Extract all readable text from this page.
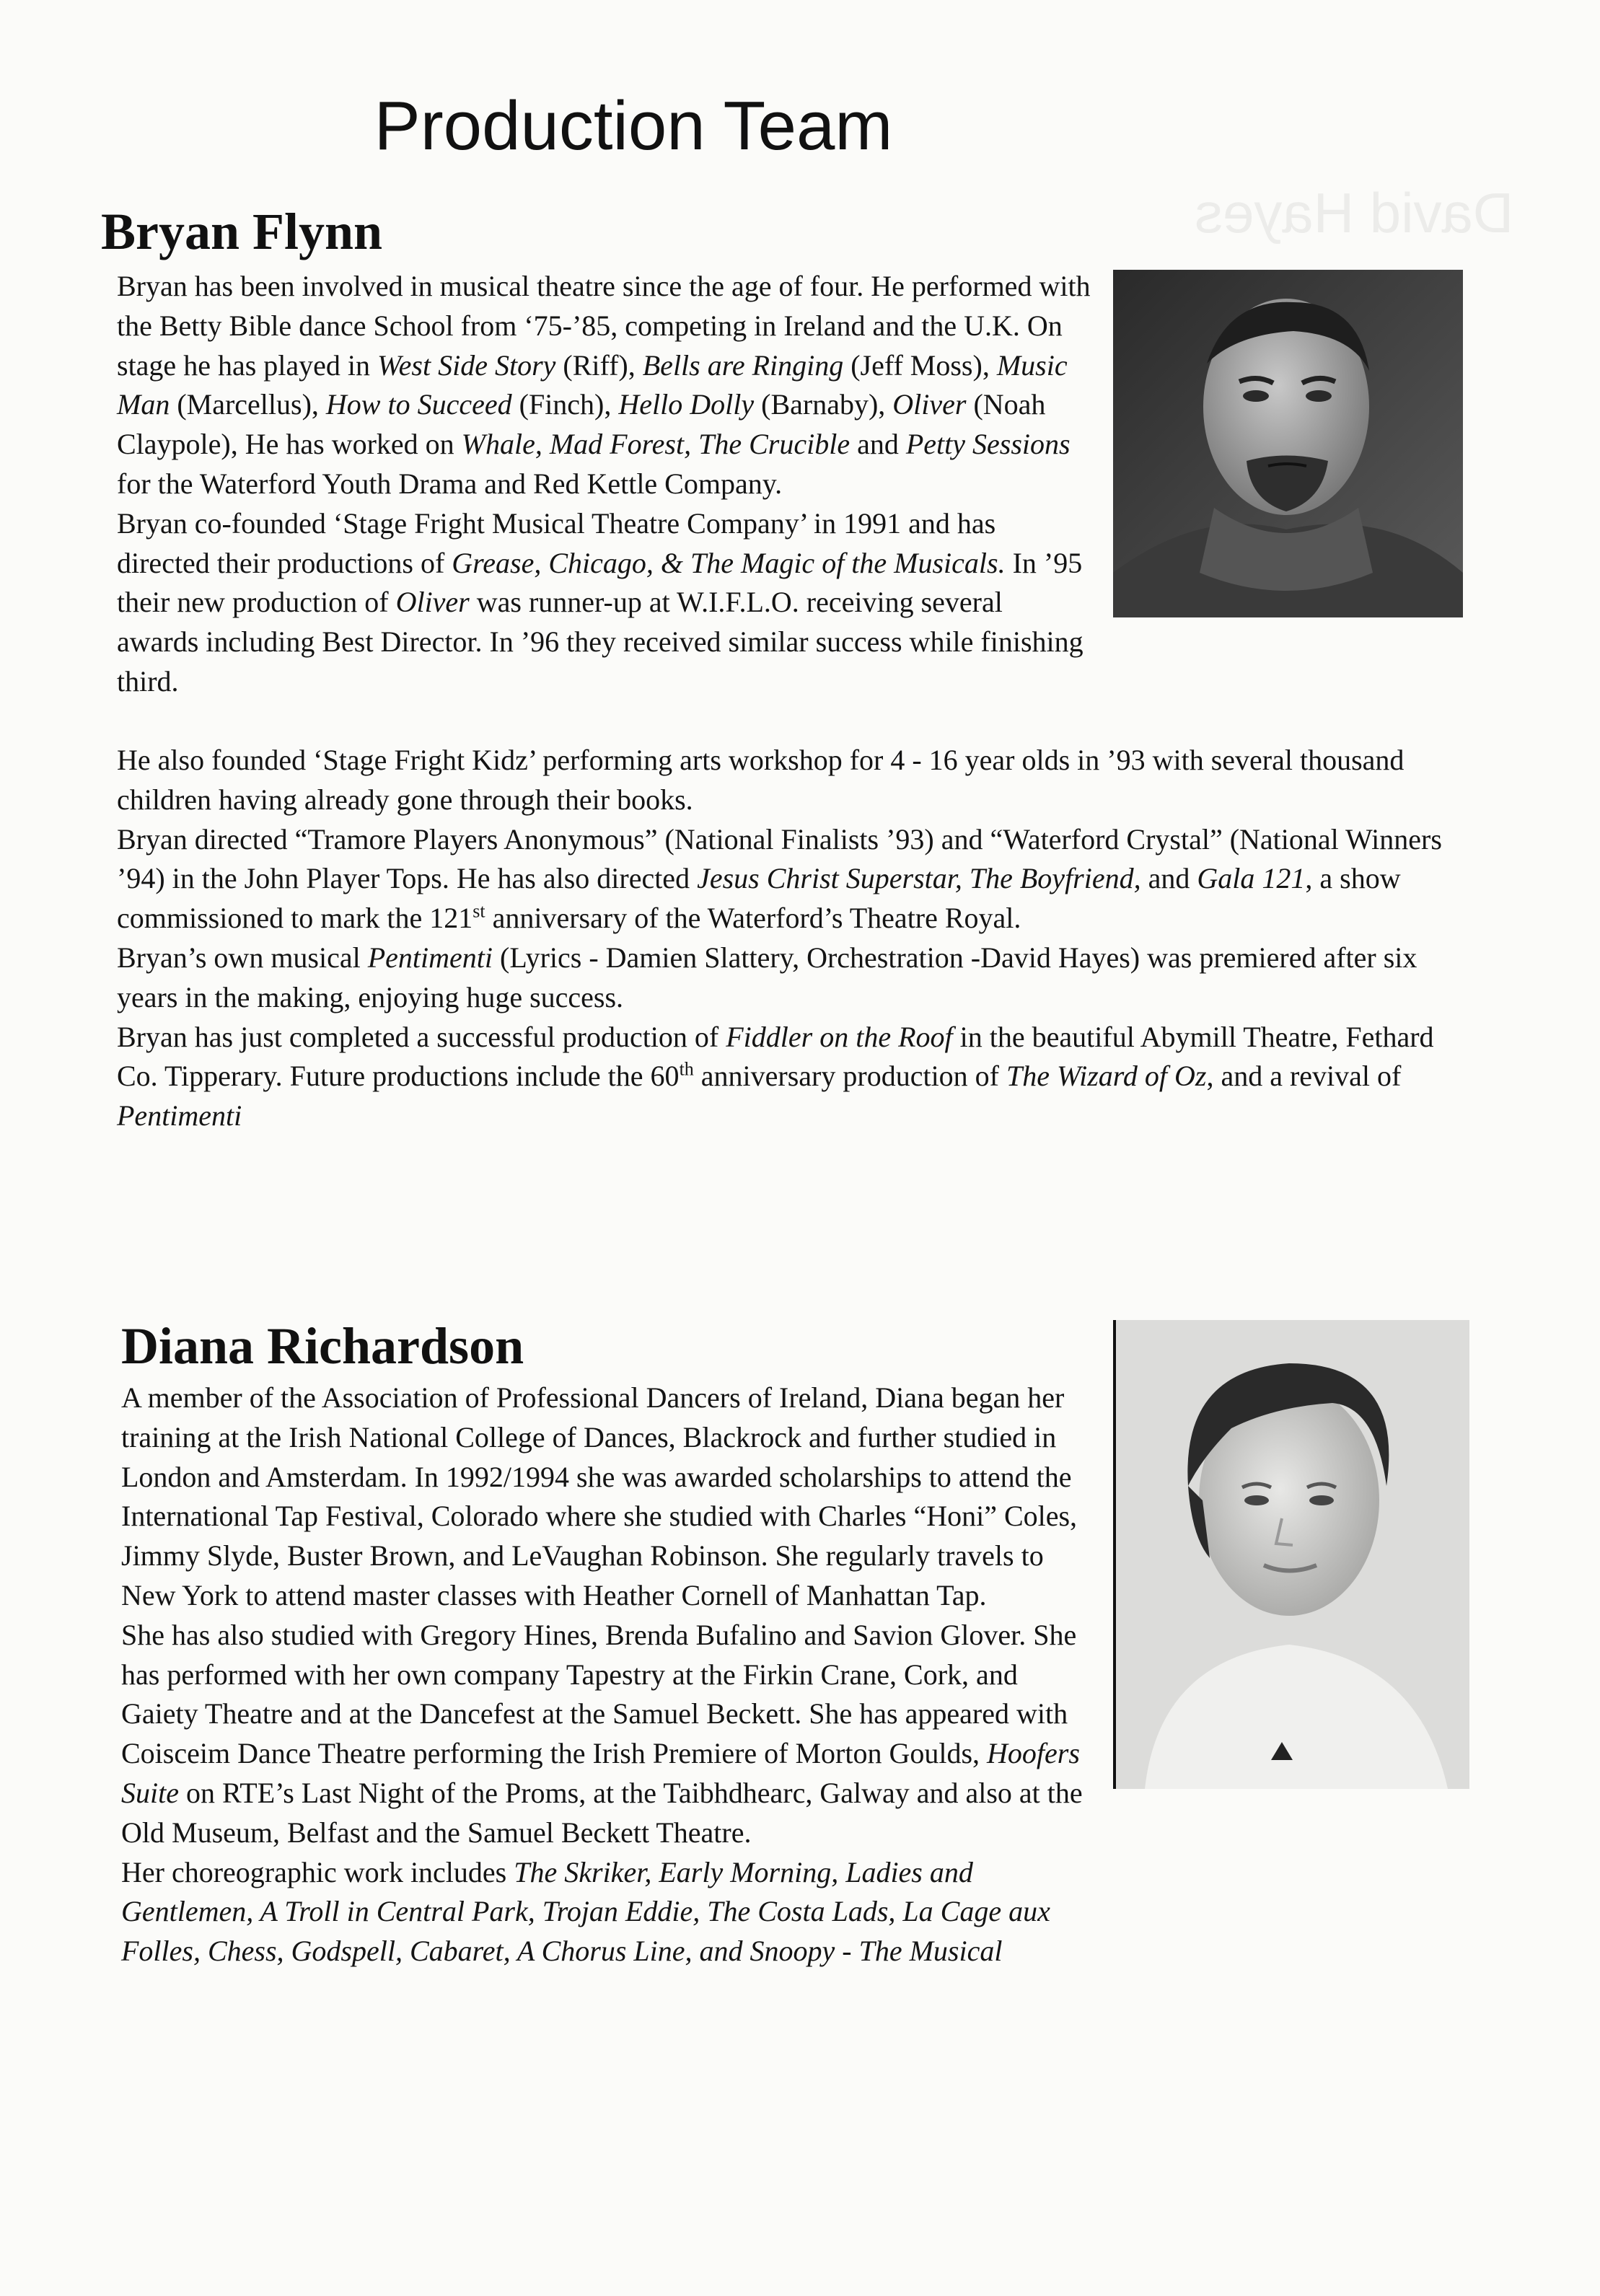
David Hayes
Production Team
Bryan Flynn

Bryan has been involved in musical theatre since the age of four. He performed with the Betty Bible dance School from ‘75-’85, competing in Ireland and the U.K. On stage he has played in West Side Story (Riff), Bells are Ringing (Jeff Moss), Music Man (Marcellus), How to Succeed (Finch), Hello Dolly (Barnaby), Oliver (Noah Claypole), He has worked on Whale, Mad Forest, The Crucible and Petty Sessions for the Waterford Youth Drama and Red Kettle Company.

Bryan co-founded ‘Stage Fright Musical Theatre Company’ in 1991 and has directed their productions of Grease, Chicago, & The Magic of the Musicals. In ’95 their new production of Oliver was runner-up at W.I.F.L.O. receiving several awards including Best Director. In ’96 they received similar success while finishing third.

He also founded ‘Stage Fright Kidz’ performing arts workshop for 4 - 16 year olds in ’93 with several thousand children having already gone through their books.

Bryan directed “Tramore Players Anonymous” (National Finalists ’93) and “Waterford Crystal” (National Winners ’94) in the John Player Tops. He has also directed Jesus Christ Superstar, The Boyfriend, and Gala 121, a show commissioned to mark the 121st anniversary of the Waterford’s Theatre Royal.

Bryan’s own musical Pentimenti (Lyrics - Damien Slattery, Orchestration -David Hayes) was premiered after six years in the making, enjoying huge success.

Bryan has just completed a successful production of Fiddler on the Roof in the beautiful Abymill Theatre, Fethard Co. Tipperary. Future productions include the 60th anniversary production of The Wizard of Oz, and a revival of Pentimenti

Diana Richardson

A member of the Association of Professional Dancers of Ireland, Diana began her training at the Irish National College of Dances, Blackrock and further studied in London and Amsterdam. In 1992/1994 she was awarded scholarships to attend the International Tap Festival, Colorado where she studied with Charles “Honi” Coles, Jimmy Slyde, Buster Brown, and LeVaughan Robinson. She regularly travels to New York to attend master classes with Heather Cornell of Manhattan Tap.

She has also studied with Gregory Hines, Brenda Bufalino and Savion Glover. She has performed with her own company Tapestry at the Firkin Crane, Cork, and Gaiety Theatre and at the Dancefest at the Samuel Beckett. She has appeared with Coisceim Dance Theatre performing the Irish Premiere of Morton Goulds, Hoofers Suite on RTE’s Last Night of the Proms, at the Taibhdhearc, Galway and also at the Old Museum, Belfast and the Samuel Beckett Theatre.

Her choreographic work includes The Skriker, Early Morning, Ladies and Gentlemen, A Troll in Central Park, Trojan Eddie, The Costa Lads, La Cage aux Folles, Chess, Godspell, Cabaret, A Chorus Line, and Snoopy - The Musical
